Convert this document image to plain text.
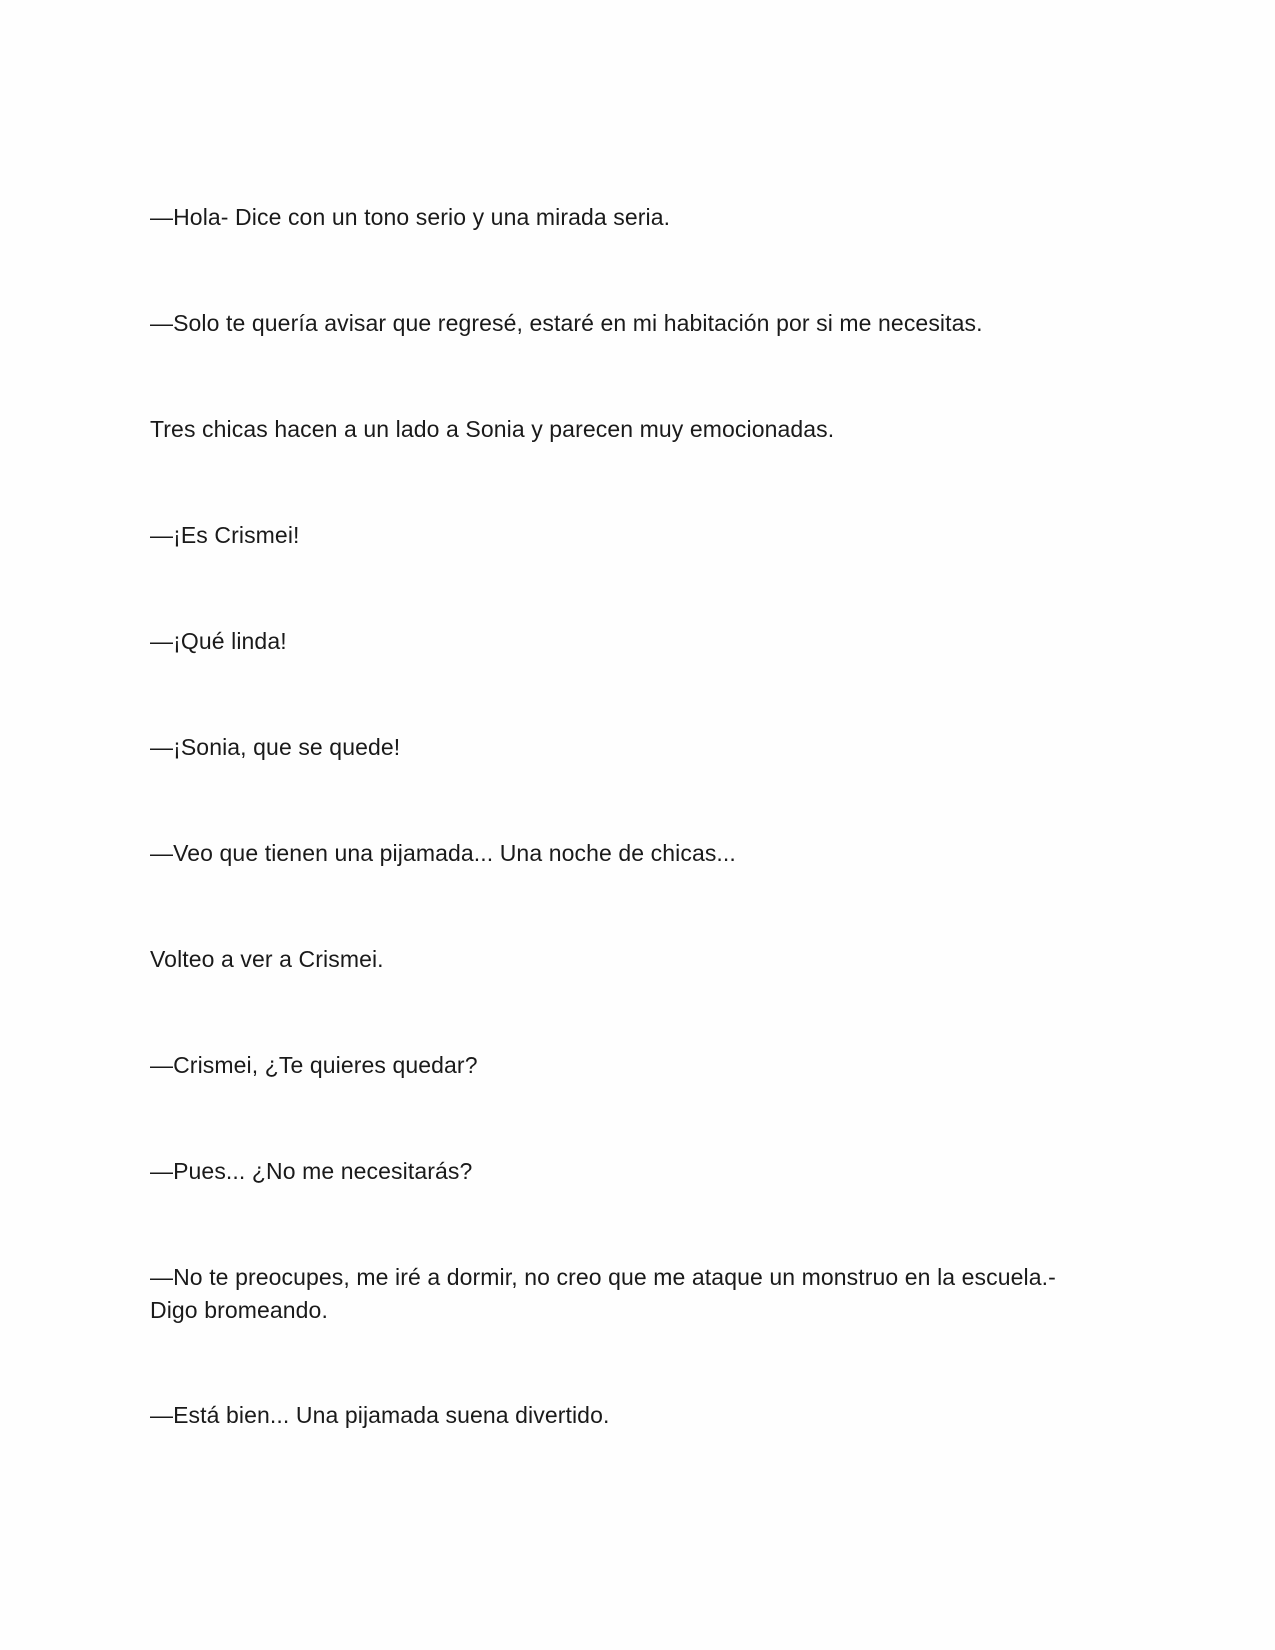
—Hola- Dice con un tono serio y una mirada seria.

—Solo te quería avisar que regresé, estaré en mi habitación por si me necesitas.

Tres chicas hacen a un lado a Sonia y parecen muy emocionadas.

—¡Es Crismei!

—¡Qué linda!

—¡Sonia, que se quede!

—Veo que tienen una pijamada... Una noche de chicas...

Volteo a ver a Crismei.

—Crismei, ¿Te quieres quedar?

—Pues... ¿No me necesitarás?

—No te preocupes, me iré a dormir, no creo que me ataque un monstruo en la escuela.- Digo bromeando.

—Está bien... Una pijamada suena divertido.
